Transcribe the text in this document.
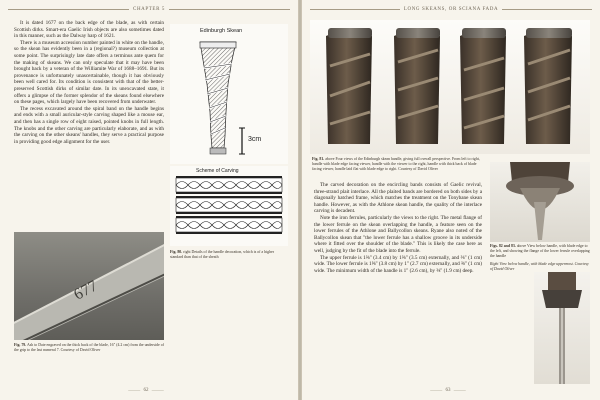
CHAPTER 5

It is dated 1677 on the back edge of the blade, as with certain Scottish dirks. Smart-era Gaelic Irish objects are also sometimes dated in this manner, such as the Dalway harp of 1621.

There is a museum accession number painted in white on the handle, so the skean has evidently been in a (regional?) museum collection at some point. The surprisingly late date offers a terminus ante quem for the making of skeans. We can only speculate that it may have been brought back by a veteran of the Williamite War of 1688–1691. But its provenance is unfortunately unascertainable, though it has obviously been well cared for. Its condition is consistent with that of the better-preserved Scottish dirks of similar date. In its unexcavated state, it offers a glimpse of the former splendor of the skeans found elsewhere on these pages, which largely have been recovered from underwater.

The recess excavated around the spiral band on the handle begins and ends with a small auricular-style carving shaped like a mouse ear, and then has a single row of eight raised, pointed knobs in full length. The knobs and the other carving are particularly elaborate, and as with the carving on the other skeans' handles, they serve a practical purpose in providing good edge alignment for the user.

Edinburgh Skean
3cm
Scheme of Carving
677
Fig. 79. Ash to Date engraved on the thick back of the blade, 16" (4.2 cm) from the underside of the grip to the last numeral 7. Courtesy of David Oliver
Fig. 80. right Details of the handle decoration, which is of a higher standard than that of the sheath
⸻ 62 ⸻
LONG SKEANS, OR SCIANA FADA
Fig. 81. above Four views of the Edinburgh skean handle, giving full overall perspective. From left to right, handle with blade edge facing viewer, handle with the viewer to the right, handle with thick back of blade facing viewer, handle laid flat with blade edge to right. Courtesy of David Oliver

The carved decoration on the encircling bands consists of Gaelic revival, three-strand plait interlace. All the plaited bands are bordered on both sides by a diagonally hatched frame, which matches the treatment on the Tonybane skean handle. However, as with the Athlone skean handle, the quality of the interlace carving is decadent.

Note the iron ferrules, particularly the views to the right. The metal flange of the lower ferrule on the skean overlapping the handle, a feature seen on the lower ferrules of the Athlone and Ballycollon skeans. Ryane also noted of the Ballycollon skean that "the lower ferrule has a shallow groove in its underside where it fitted over the shoulder of the blade." This is likely the case here as well, judging by the fit of the blade into the ferrule.

The upper ferrule is 1⅜" (3.4 cm) by 1⅜" (3.5 cm) externally, and ⅜" (1 cm) wide. The lower ferrule is 1⅝" (3.8 cm) by 1" (2.7 cm) externally, and ⅜" (1 cm) wide. The minimum width of the handle is 1" (2.6 cm), by ⅜" (1.9 cm) deep.

Figs. 82 and 83. above View below handle, with blade edge to the left, and showing the flange of the lower ferrule overlapping the handle
Right View below handle, with blade edge uppermost. Courtesy of David Oliver
⸻ 63 ⸻
